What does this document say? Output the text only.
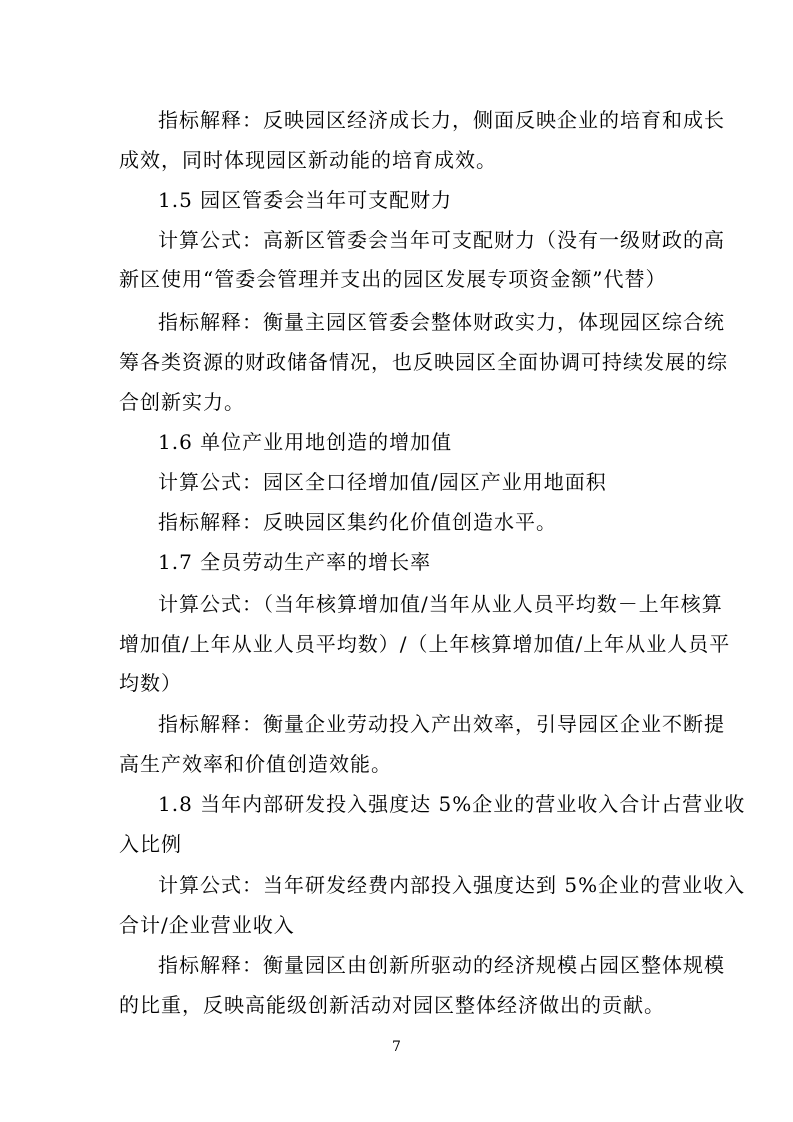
指标解释：反映园区经济成长力，侧面反映企业的培育和成长
成效，同时体现园区新动能的培育成效。
1.5 园区管委会当年可支配财力
计算公式：高新区管委会当年可支配财力（没有一级财政的高
新区使用“管委会管理并支出的园区发展专项资金额”代替）
指标解释：衡量主园区管委会整体财政实力，体现园区综合统
筹各类资源的财政储备情况，也反映园区全面协调可持续发展的综
合创新实力。
1.6 单位产业用地创造的增加值
计算公式：园区全口径增加值/园区产业用地面积
指标解释：反映园区集约化价值创造水平。
1.7 全员劳动生产率的增长率
计算公式：（当年核算增加值/当年从业人员平均数－上年核算
增加值/上年从业人员平均数）/（上年核算增加值/上年从业人员平
均数）
指标解释：衡量企业劳动投入产出效率，引导园区企业不断提
高生产效率和价值创造效能。
1.8 当年内部研发投入强度达 5%企业的营业收入合计占营业收
入比例
计算公式：当年研发经费内部投入强度达到 5%企业的营业收入
合计/企业营业收入
指标解释：衡量园区由创新所驱动的经济规模占园区整体规模
的比重，反映高能级创新活动对园区整体经济做出的贡献。
7
